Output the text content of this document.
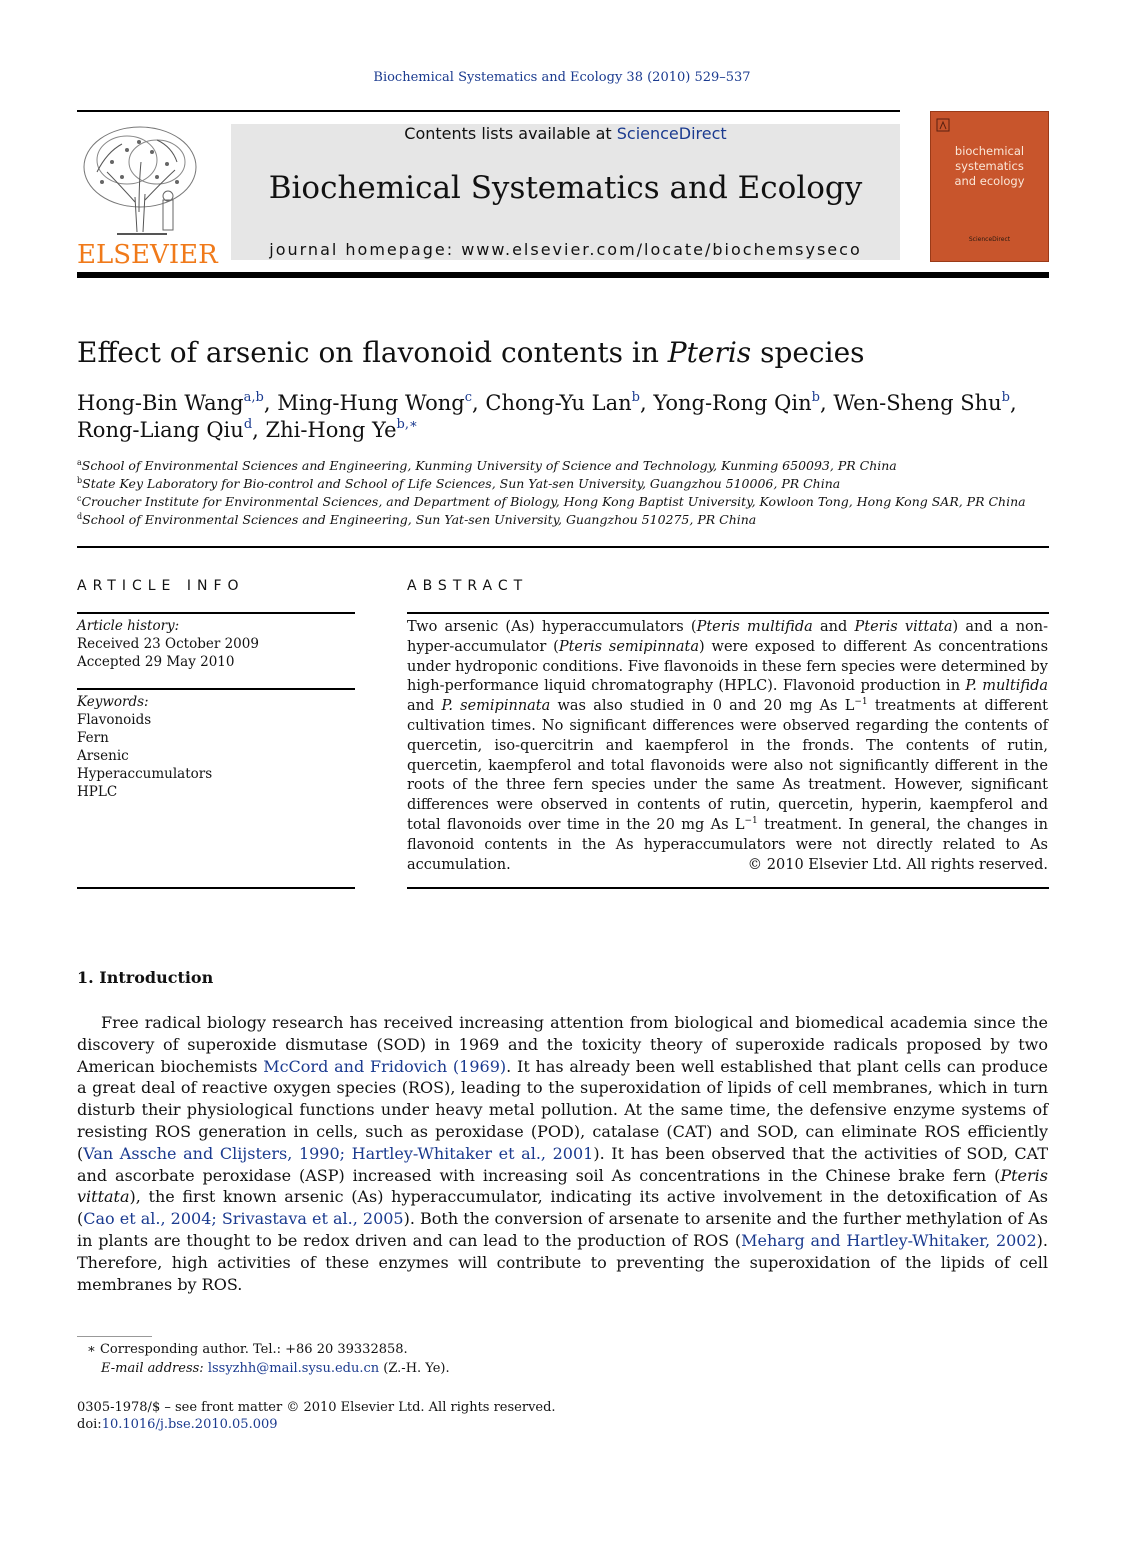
Biochemical Systematics and Ecology 38 (2010) 529–537
ELSEVIER
Contents lists available at ScienceDirect
Biochemical Systematics and Ecology
journal homepage: www.elsevier.com/locate/biochemsyseco
biochemical
systematics
and ecology
ScienceDirect
Effect of arsenic on flavonoid contents in Pteris species
Hong-Bin Wang$^{a,b}$, Ming-Hung Wong$^c$, Chong-Yu Lan$^b$, Yong-Rong Qin$^b$, Wen-Sheng Shu$^b$,
Rong-Liang Qiu$^d$, Zhi-Hong $Ye^{b,∗}$
$^a$School of Environmental Sciences and Engineering, Kunming University of Science and Technology, Kunming 650093, PR China
$^b$State Key Laboratory for Bio-control and School of Life Sciences, Sun Yat-sen University, Guangzhou 510006, PR China
$^c$Croucher Institute for Environmental Sciences, and Department of Biology, Hong Kong Baptist University, Kowloon Tong, Hong Kong SAR, PR China
$^d$School of Environmental Sciences and Engineering, Sun Yat-sen University, Guangzhou 510275, PR China
ARTICLE INFO	ABSTRACT
Article history:
Received 23 October 2009
Accepted 29 May 2010
Keywords:
Flavonoids
Fern
Arsenic
Hyperaccumulators
HPLC
Two arsenic (As) hyperaccumulators (Pteris multifida and Pteris vittata) and a non-hyper-accumulator (Pteris semipinnata) were exposed to different As concentrations under hydroponic conditions. Five flavonoids in these fern species were determined by high-performance liquid chromatography (HPLC). Flavonoid production in P. multifida and P. semipinnata was also studied in 0 and 20 mg As $L^{-1}$ treatments at different cultivation times. No significant differences were observed regarding the contents of quercetin, iso-quercitrin and kaempferol in the fronds. The contents of rutin, quercetin, kaempferol and total flavonoids were also not significantly different in the roots of the three fern species under the same As treatment. However, significant differences were observed in contents of rutin, quercetin, hyperin, kaempferol and total flavonoids over time in the 20 mg As $L^{-1}$ treatment. In general, the changes in flavonoid contents in the As hyperaccumulators were not directly related to As accumulation.	© 2010 Elsevier Ltd. All rights reserved.
1. Introduction
Free radical biology research has received increasing attention from biological and biomedical academia since the discovery of superoxide dismutase (SOD) in 1969 and the toxicity theory of superoxide radicals proposed by two American biochemists McCord and Fridovich (1969). It has already been well established that plant cells can produce a great deal of reactive oxygen species (ROS), leading to the superoxidation of lipids of cell membranes, which in turn disturb their physiological functions under heavy metal pollution. At the same time, the defensive enzyme systems of resisting ROS generation in cells, such as peroxidase (POD), catalase (CAT) and SOD, can eliminate ROS efficiently (Van Assche and Clijsters, 1990; Hartley-Whitaker et al., 2001). It has been observed that the activities of SOD, CAT and ascorbate peroxidase (ASP) increased with increasing soil As concentrations in the Chinese brake fern (Pteris vittata), the first known arsenic (As) hyperaccumulator, indicating its active involvement in the detoxification of As (Cao et al., 2004; Srivastava et al., 2005). Both the conversion of arsenate to arsenite and the further methylation of As in plants are thought to be redox driven and can lead to the production of ROS (Meharg and Hartley-Whitaker, 2002). Therefore, high activities of these enzymes will contribute to preventing the superoxidation of the lipids of cell membranes by ROS.
∗ Corresponding author. Tel.: +86 20 39332858.
E-mail address: lssyzhh@mail.sysu.edu.cn (Z.-H. Ye).
0305-1978/$ – see front matter © 2010 Elsevier Ltd. All rights reserved.
doi:10.1016/j.bse.2010.05.009
